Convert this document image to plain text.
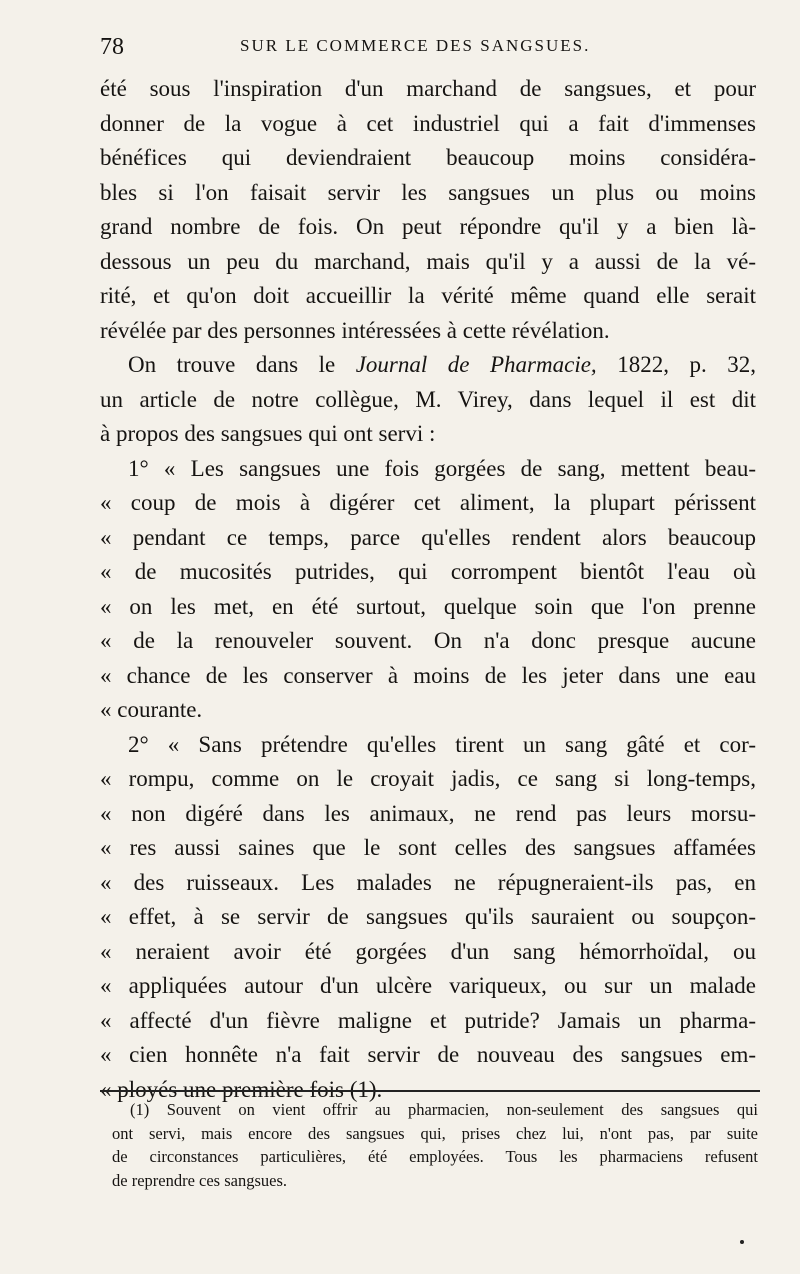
78	SUR LE COMMERCE DES SANGSUES.
été sous l'inspiration d'un marchand de sangsues, et pour
donner de la vogue à cet industriel qui a fait d'immenses
bénéfices qui deviendraient beaucoup moins considéra-
bles si l'on faisait servir les sangsues un plus ou moins
grand nombre de fois. On peut répondre qu'il y a bien là-
dessous un peu du marchand, mais qu'il y a aussi de la vé-
rité, et qu'on doit accueillir la vérité même quand elle serait
révélée par des personnes intéressées à cette révélation.
On trouve dans le Journal de Pharmacie, 1822, p. 32,
un article de notre collègue, M. Virey, dans lequel il est dit
à propos des sangsues qui ont servi :
1° « Les sangsues une fois gorgées de sang, mettent beau-
« coup de mois à digérer cet aliment, la plupart périssent
« pendant ce temps, parce qu'elles rendent alors beaucoup
« de mucosités putrides, qui corrompent bientôt l'eau où
« on les met, en été surtout, quelque soin que l'on prenne
« de la renouveler souvent. On n'a donc presque aucune
« chance de les conserver à moins de les jeter dans une eau
« courante.
2° « Sans prétendre qu'elles tirent un sang gâté et cor-
« rompu, comme on le croyait jadis, ce sang si long-temps,
« non digéré dans les animaux, ne rend pas leurs morsu-
« res aussi saines que le sont celles des sangsues affamées
« des ruisseaux. Les malades ne répugneraient-ils pas, en
« effet, à se servir de sangsues qu'ils sauraient ou soupçon-
« neraient avoir été gorgées d'un sang hémorrhoïdal, ou
« appliquées autour d'un ulcère variqueux, ou sur un malade
« affecté d'un fièvre maligne et putride? Jamais un pharma-
« cien honnête n'a fait servir de nouveau des sangsues em-
« ployés une première fois (1).
(1) Souvent on vient offrir au pharmacien, non-seulement des sangsues qui
ont servi, mais encore des sangsues qui, prises chez lui, n'ont pas, par suite
de circonstances particulières, été employées. Tous les pharmaciens refusent
de reprendre ces sangsues.
